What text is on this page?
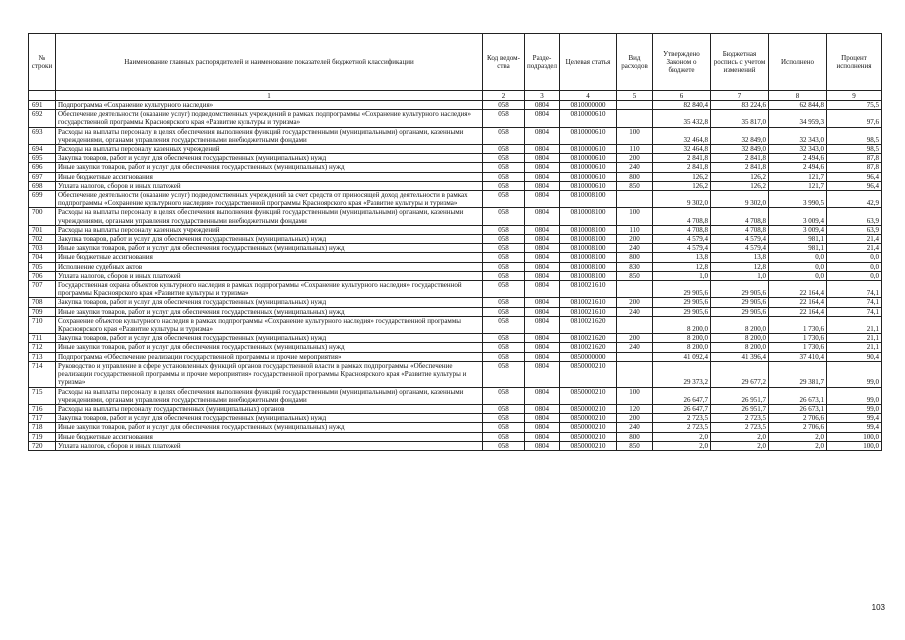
№ строки	Наименование главных распорядителей и наименование показателей бюджетной классификации	Код ведом-ства	Разде-подраздел	Целевая статья	Вид расходов	Утверждено Законом о бюджете	Бюджетная роспись с учетом изменений	Исполнено	Процент исполнения
	1	2	3	4	5	6	7	8	9
691	Подпрограмма «Сохранение культурного наследия»	058	0804	0810000000		82 840,4	83 224,6	62 844,8	75,5
692	Обеспечение деятельности (оказание услуг) подведомственных учреждений в рамках подпрограммы «Сохранение культурного наследия» государственной программы Красноярского края «Развитие культуры и туризма»	058	0804	0810000610		35 432,8	35 817,0	34 959,3	97,6
693	Расходы на выплаты персоналу в целях обеспечения выполнения функций государственными (муниципальными) органами, казенными учреждениями, органами управления государственными внебюджетными фондами	058	0804	0810000610	100	32 464,8	32 849,0	32 343,0	98,5
694	Расходы на выплаты персоналу казенных учреждений	058	0804	0810000610	110	32 464,8	32 849,0	32 343,0	98,5
695	Закупка товаров, работ и услуг для обеспечения государственных (муниципальных) нужд	058	0804	0810000610	200	2 841,8	2 841,8	2 494,6	87,8
696	Иные закупки товаров, работ и услуг для обеспечения государственных (муниципальных) нужд	058	0804	0810000610	240	2 841,8	2 841,8	2 494,6	87,8
697	Иные бюджетные ассигнования	058	0804	0810000610	800	126,2	126,2	121,7	96,4
698	Уплата налогов, сборов и иных платежей	058	0804	0810000610	850	126,2	126,2	121,7	96,4
699	Обеспечение деятельности (оказание услуг) подведомственных учреждений за счет средств от приносящей доход деятельности в рамках подпрограммы «Сохранение культурного наследия» государственной программы Красноярского края «Развитие культуры и туризма»	058	0804	0810008100		9 302,0	9 302,0	3 990,5	42,9
700	Расходы на выплаты персоналу в целях обеспечения выполнения функций государственными (муниципальными) органами, казенными учреждениями, органами управления государственными внебюджетными фондами	058	0804	0810008100	100	4 708,8	4 708,8	3 009,4	63,9
701	Расходы на выплаты персоналу казенных учреждений	058	0804	0810008100	110	4 708,8	4 708,8	3 009,4	63,9
702	Закупка товаров, работ и услуг для обеспечения государственных (муниципальных) нужд	058	0804	0810008100	200	4 579,4	4 579,4	981,1	21,4
703	Иные закупки товаров, работ и услуг для обеспечения государственных (муниципальных) нужд	058	0804	0810008100	240	4 579,4	4 579,4	981,1	21,4
704	Иные бюджетные ассигнования	058	0804	0810008100	800	13,8	13,8	0,0	0,0
705	Исполнение судебных актов	058	0804	0810008100	830	12,8	12,8	0,0	0,0
706	Уплата налогов, сборов и иных платежей	058	0804	0810008100	850	1,0	1,0	0,0	0,0
707	Государственная охрана объектов культурного наследия в рамках подпрограммы «Сохранение культурного наследия» государственной программы Красноярского края «Развитие культуры и туризма»	058	0804	0810021610		29 905,6	29 905,6	22 164,4	74,1
708	Закупка товаров, работ и услуг для обеспечения государственных (муниципальных) нужд	058	0804	0810021610	200	29 905,6	29 905,6	22 164,4	74,1
709	Иные закупки товаров, работ и услуг для обеспечения государственных (муниципальных) нужд	058	0804	0810021610	240	29 905,6	29 905,6	22 164,4	74,1
710	Сохранение объектов культурного наследия в рамках подпрограммы «Сохранение культурного наследия» государственной программы Красноярского края «Развитие культуры и туризма»	058	0804	0810021620		8 200,0	8 200,0	1 730,6	21,1
711	Закупка товаров, работ и услуг для обеспечения государственных (муниципальных) нужд	058	0804	0810021620	200	8 200,0	8 200,0	1 730,6	21,1
712	Иные закупки товаров, работ и услуг для обеспечения государственных (муниципальных) нужд	058	0804	0810021620	240	8 200,0	8 200,0	1 730,6	21,1
713	Подпрограмма «Обеспечение реализации государственной программы и прочие мероприятия»	058	0804	0850000000		41 092,4	41 396,4	37 410,4	90,4
714	Руководство и управление в сфере установленных функций органов государственной власти в рамках подпрограммы «Обеспечение реализации государственной программы и прочие мероприятия» государственной программы Красноярского края «Развитие культуры и туризма»	058	0804	0850000210		29 373,2	29 677,2	29 381,7	99,0
715	Расходы на выплаты персоналу в целях обеспечения выполнения функций государственными (муниципальными) органами, казенными учреждениями, органами управления государственными внебюджетными фондами	058	0804	0850000210	100	26 647,7	26 951,7	26 673,1	99,0
716	Расходы на выплаты персоналу государственных (муниципальных) органов	058	0804	0850000210	120	26 647,7	26 951,7	26 673,1	99,0
717	Закупка товаров, работ и услуг для обеспечения государственных (муниципальных) нужд	058	0804	0850000210	200	2 723,5	2 723,5	2 706,6	99,4
718	Иные закупки товаров, работ и услуг для обеспечения государственных (муниципальных) нужд	058	0804	0850000210	240	2 723,5	2 723,5	2 706,6	99,4
719	Иные бюджетные ассигнования	058	0804	0850000210	800	2,0	2,0	2,0	100,0
720	Уплата налогов, сборов и иных платежей	058	0804	0850000210	850	2,0	2,0	2,0	100,0
103
